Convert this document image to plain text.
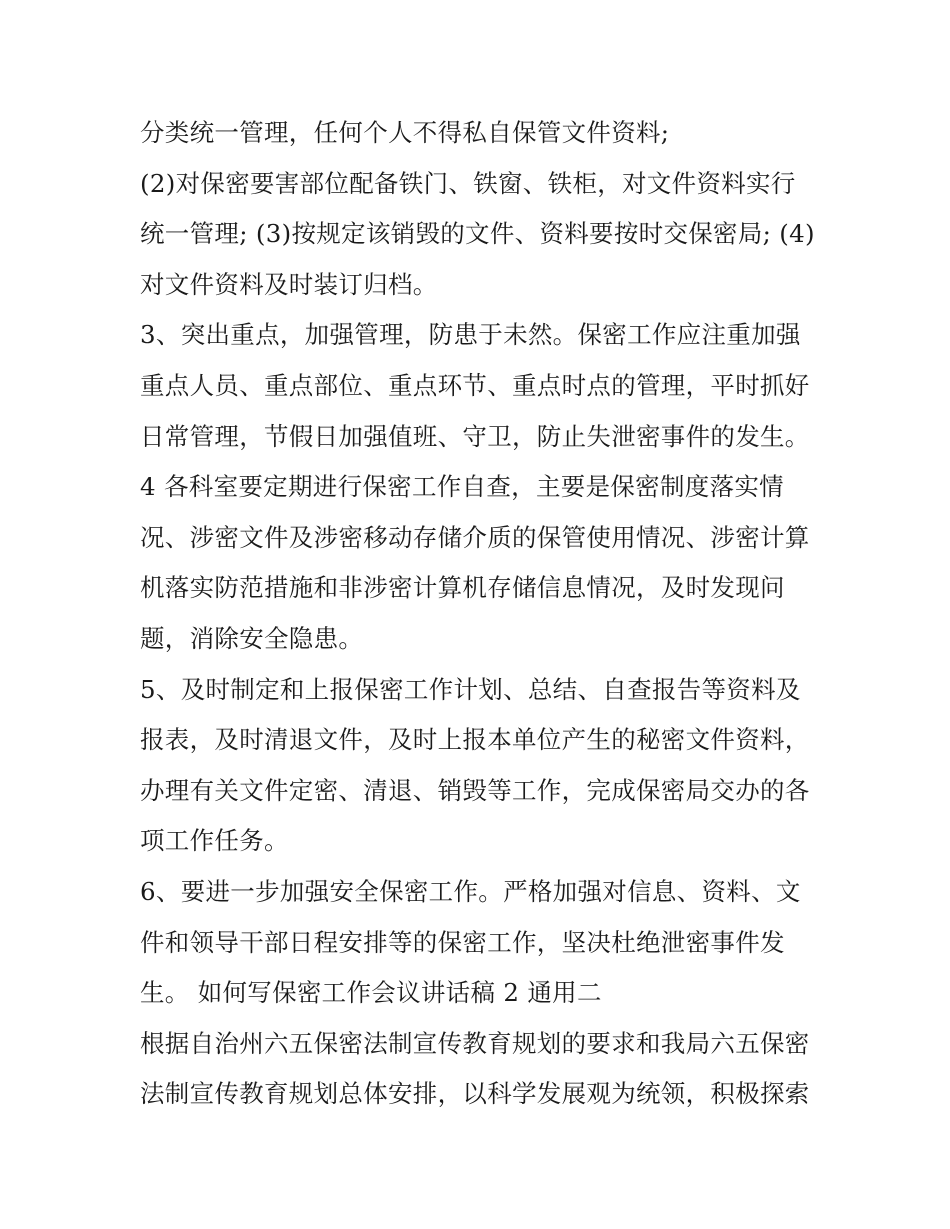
分类统一管理，任何个人不得私自保管文件资料;
(2)对保密要害部位配备铁门、铁窗、铁柜，对文件资料实行
统一管理; (3)按规定该销毁的文件、资料要按时交保密局; (4)
对文件资料及时装订归档。
3、突出重点，加强管理，防患于未然。保密工作应注重加强
重点人员、重点部位、重点环节、重点时点的管理，平时抓好
日常管理，节假日加强值班、守卫，防止失泄密事件的发生。
4 各科室要定期进行保密工作自查，主要是保密制度落实情
况、涉密文件及涉密移动存储介质的保管使用情况、涉密计算
机落实防范措施和非涉密计算机存储信息情况，及时发现问
题，消除安全隐患。
5、及时制定和上报保密工作计划、总结、自查报告等资料及
报表，及时清退文件，及时上报本单位产生的秘密文件资料，
办理有关文件定密、清退、销毁等工作，完成保密局交办的各
项工作任务。
6、要进一步加强安全保密工作。严格加强对信息、资料、文
件和领导干部日程安排等的保密工作，坚决杜绝泄密事件发
生。 如何写保密工作会议讲话稿 2 通用二
根据自治州六五保密法制宣传教育规划的要求和我局六五保密
法制宣传教育规划总体安排，以科学发展观为统领，积极探索
